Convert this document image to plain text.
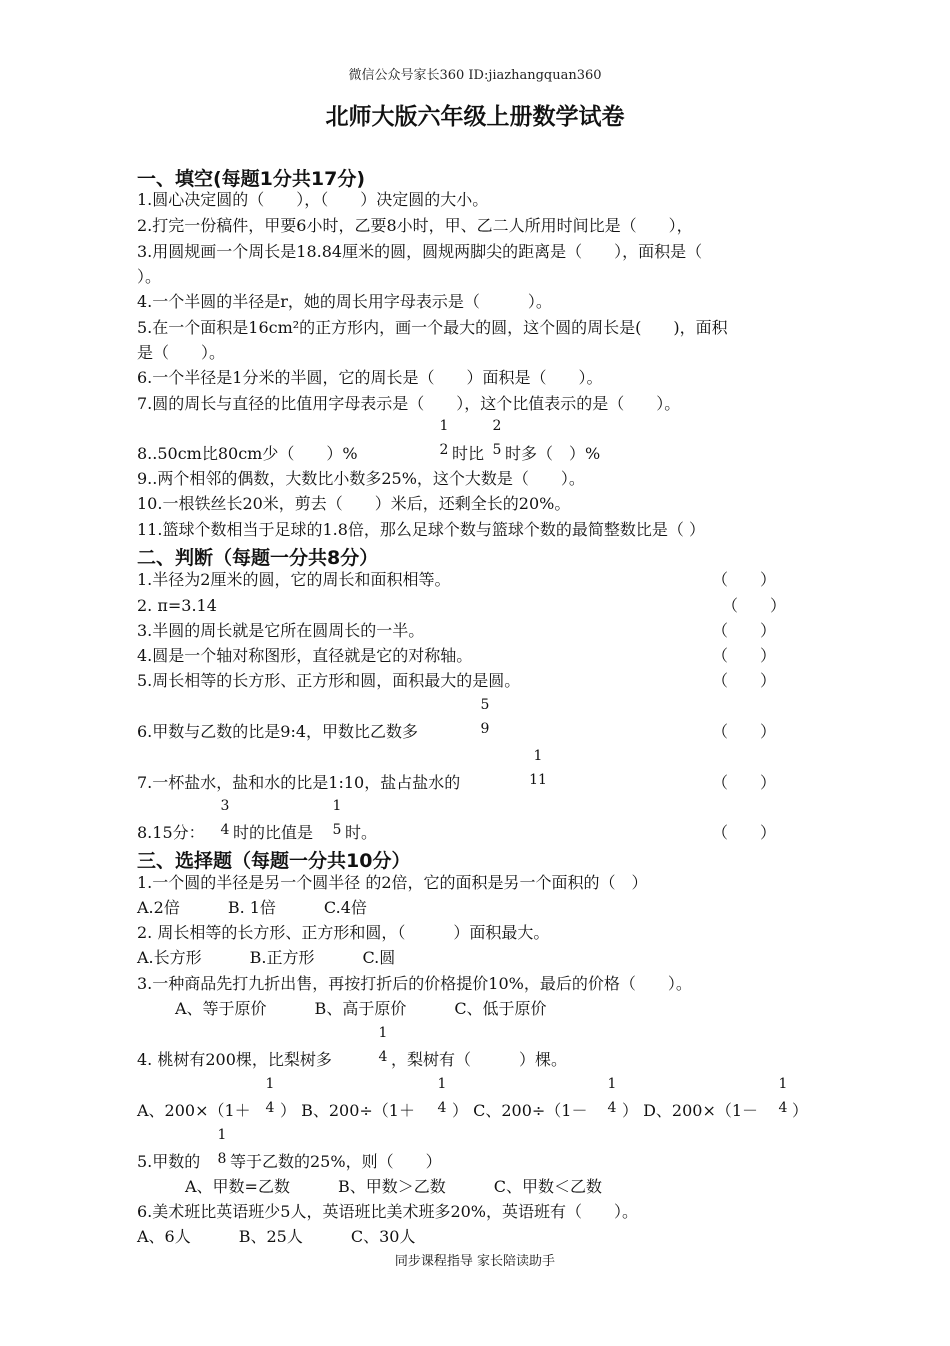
微信公众号家长360 ID:jiazhangquan360
北师大版六年级上册数学试卷
一、填空(每题1分共17分)
1.圆心决定圆的（　　），（　　）决定圆的大小。
2.打完一份稿件，甲要6小时，乙要8小时，甲、乙二人所用时间比是（　　），
3.用圆规画一个周长是18.84厘米的圆，圆规两脚尖的距离是（　　），面积是（
）。
4.一个半圆的半径是r，她的周长用字母表示是（　　　）。
5.在一个面积是16cm²的正方形内，画一个最大的圆，这个圆的周长是(　　)，面积
是（　　）。
6.一个半径是1分米的半圆，它的周长是（　　）面积是（　　）。
7.圆的周长与直径的比值用字母表示是（　　），这个比值表示的是（　　）。
8..50cm比80cm少（　　）%
1
2 时比
2
5 时多（　）%
9..两个相邻的偶数，大数比小数多25%，这个大数是（　　）。
10.一根铁丝长20米，剪去（　　）米后，还剩全长的20%。
11.篮球个数相当于足球的1.8倍，那么足球个数与篮球个数的最简整数比是（ ）
二、判断（每题一分共8分）
1.半径为2厘米的圆，它的周长和面积相等。	（　　）
2. π=3.14	（　　）
3.半圆的周长就是它所在圆周长的一半。	（　　）
4.圆是一个轴对称图形，直径就是它的对称轴。	（　　）
5.周长相等的长方形、正方形和圆，面积最大的是圆。	（　　）
6.甲数与乙数的比是9:4，甲数比乙数多
5
9	（　　）
7.一杯盐水，盐和水的比是1:10，盐占盐水的
1
11	（　　）
8.15分：
3
4 时的比值是
1
5 时。	（　　）
三、选择题（每题一分共10分）
1.一个圆的半径是另一个圆半径 的2倍，它的面积是另一个面积的（　）
A.2倍　　　B. 1倍　　　C.4倍
2. 周长相等的长方形、正方形和圆，（　　　）面积最大。
A.长方形　　　B.正方形　　　C.圆
3.一种商品先打九折出售，再按打折后的价格提价10%，最后的价格（　　）。
A、等于原价　　　B、高于原价　　　C、低于原价
4. 桃树有200棵，比梨树多
1
4 ，梨树有（　　　）棵。
A、200×（1＋
1
4 ） B、200÷（1＋
1
4 ） C、200÷（1－
1
4 ） D、200×（1－
1
4 ）
5.甲数的
1
8 等于乙数的25%，则（　　）
A、甲数=乙数　　　B、甲数＞乙数　　　C、甲数＜乙数
6.美术班比英语班少5人，英语班比美术班多20%，英语班有（　　）。
A、6人　　　B、25人　　　C、30人
同步课程指导 家长陪读助手
